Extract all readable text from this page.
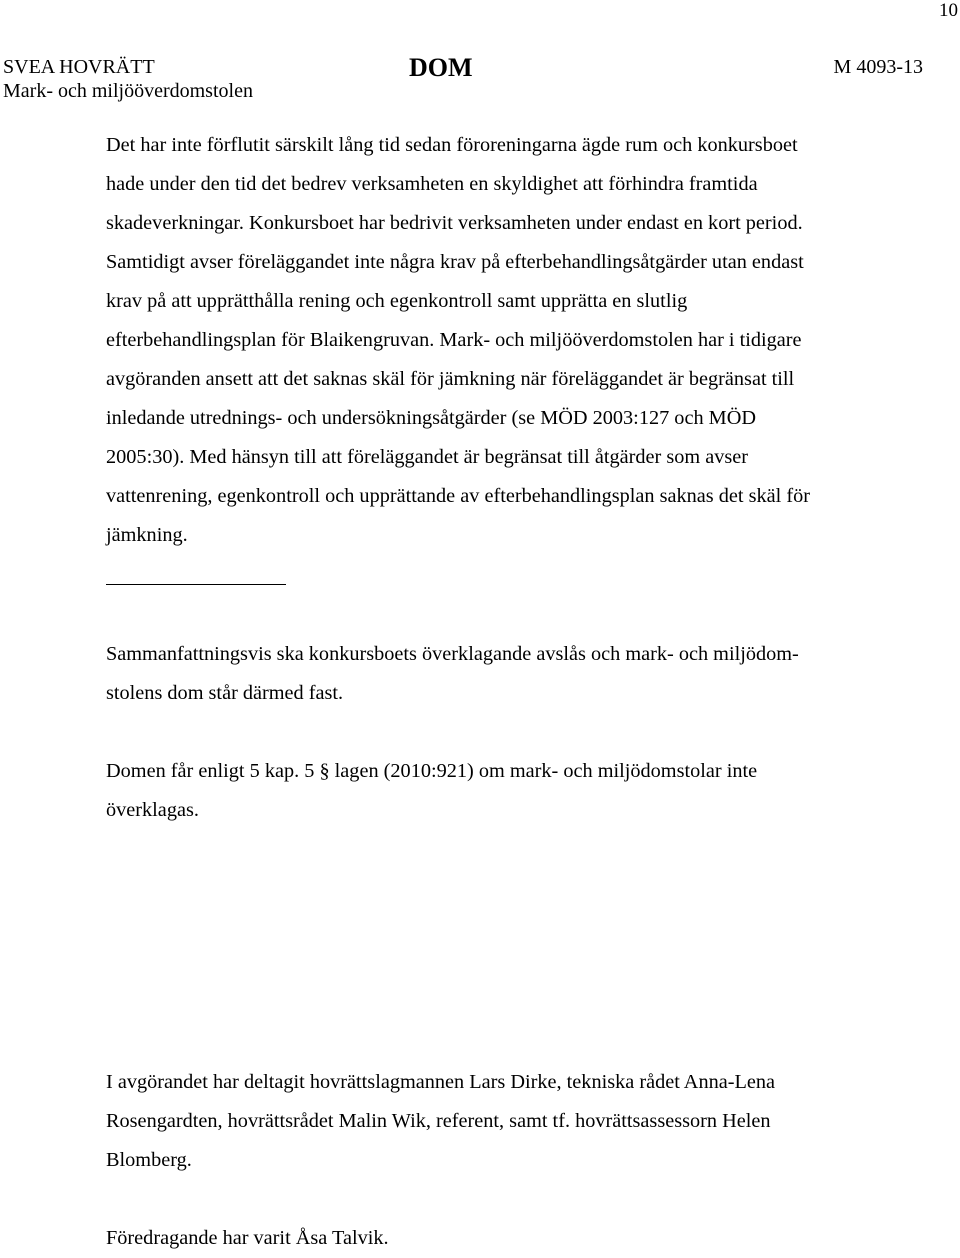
10
SVEA HOVRÄTT
Mark- och miljööverdomstolen
DOM	M 4093-13

Det har inte förflutit särskilt lång tid sedan föroreningarna ägde rum och konkursboet
hade under den tid det bedrev verksamheten en skyldighet att förhindra framtida
skadeverkningar. Konkursboet har bedrivit verksamheten under endast en kort period.
Samtidigt avser föreläggandet inte några krav på efterbehandlingsåtgärder utan endast
krav på att upprätthålla rening och egenkontroll samt upprätta en slutlig
efterbehandlingsplan för Blaikengruvan. Mark- och miljööverdomstolen har i tidigare
avgöranden ansett att det saknas skäl för jämkning när föreläggandet är begränsat till
inledande utrednings- och undersökningsåtgärder (se MÖD 2003:127 och MÖD
2005:30). Med hänsyn till att föreläggandet är begränsat till åtgärder som avser
vattenrening, egenkontroll och upprättande av efterbehandlingsplan saknas det skäl för
jämkning.

Sammanfattningsvis ska konkursboets överklagande avslås och mark- och miljödom-
stolens dom står därmed fast.

Domen får enligt 5 kap. 5 § lagen (2010:921) om mark- och miljödomstolar inte
överklagas.

I avgörandet har deltagit hovrättslagmannen Lars Dirke, tekniska rådet Anna-Lena
Rosengardten, hovrättsrådet Malin Wik, referent, samt tf. hovrättsassessorn Helen
Blomberg.

Föredragande har varit Åsa Talvik.
